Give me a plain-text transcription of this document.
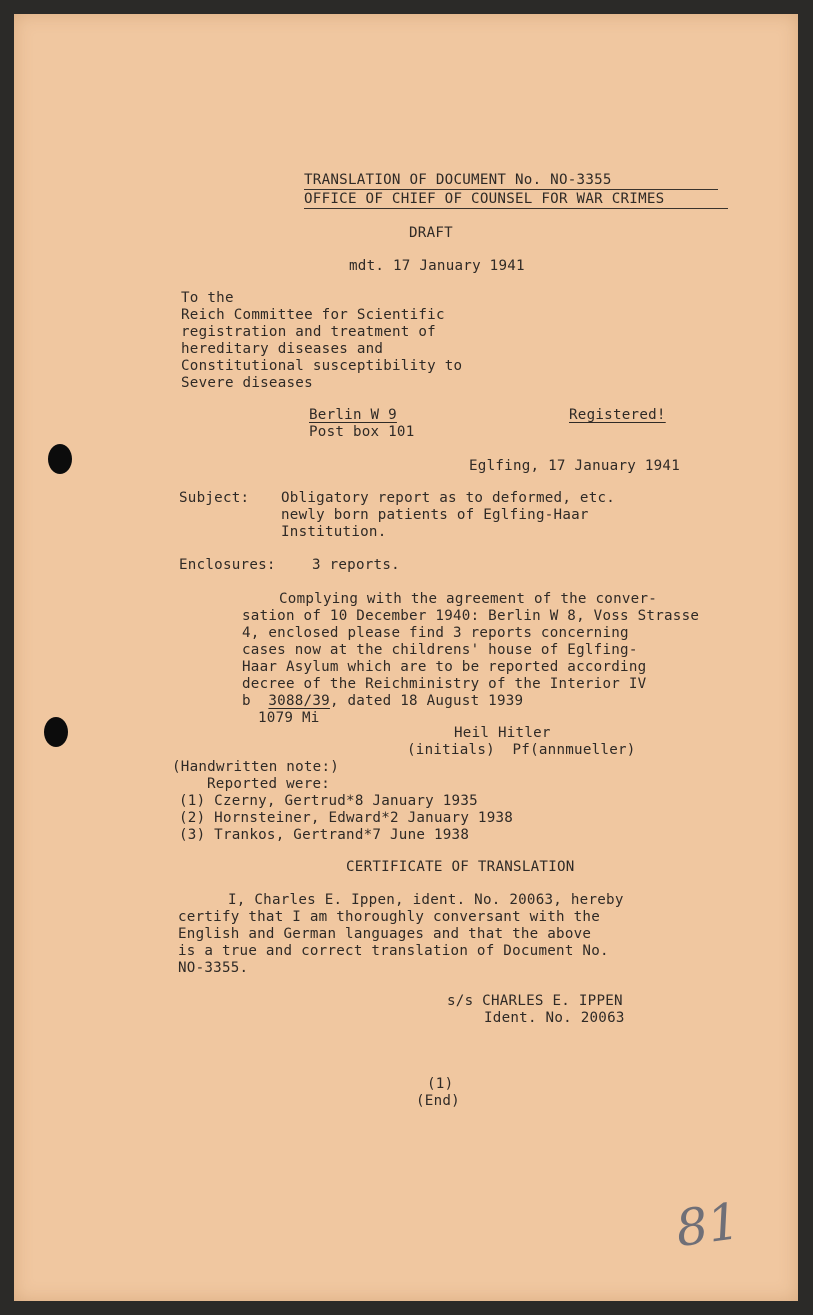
TRANSLATION OF DOCUMENT No. NO-3355
OFFICE OF CHIEF OF COUNSEL FOR WAR CRIMES
DRAFT
mdt. 17 January 1941
To the
Reich Committee for Scientific
registration and treatment of
hereditary diseases and
Constitutional susceptibility to
Severe diseases
Berlin W 9
Post box 101
Registered!
Eglfing, 17 January 1941
Subject: Obligatory report as to deformed, etc.
newly born patients of Eglfing-Haar
Institution.
Enclosures:	3 reports.
Complying with the agreement of the conver-
sation of 10 December 1940: Berlin W 8, Voss Strasse
4, enclosed please find 3 reports concerning
cases now at the childrens' house of Eglfing-
Haar Asylum which are to be reported according
decree of the Reichministry of the Interior IV
b 3088/39, dated 18 August 1939
1079 Mi
Heil Hitler
(initials)  Pf(annmueller)
(Handwritten note:)
Reported were:
(1) Czerny, Gertrud*8 January 1935
(2) Hornsteiner, Edward*2 January 1938
(3) Trankos, Gertrand*7 June 1938
CERTIFICATE OF TRANSLATION
I, Charles E. Ippen, ident. No. 20063, hereby
certify that I am thoroughly conversant with the
English and German languages and that the above
is a true and correct translation of Document No.
NO-3355.
s/s CHARLES E. IPPEN
Ident. No. 20063
(1)
(End)
81
